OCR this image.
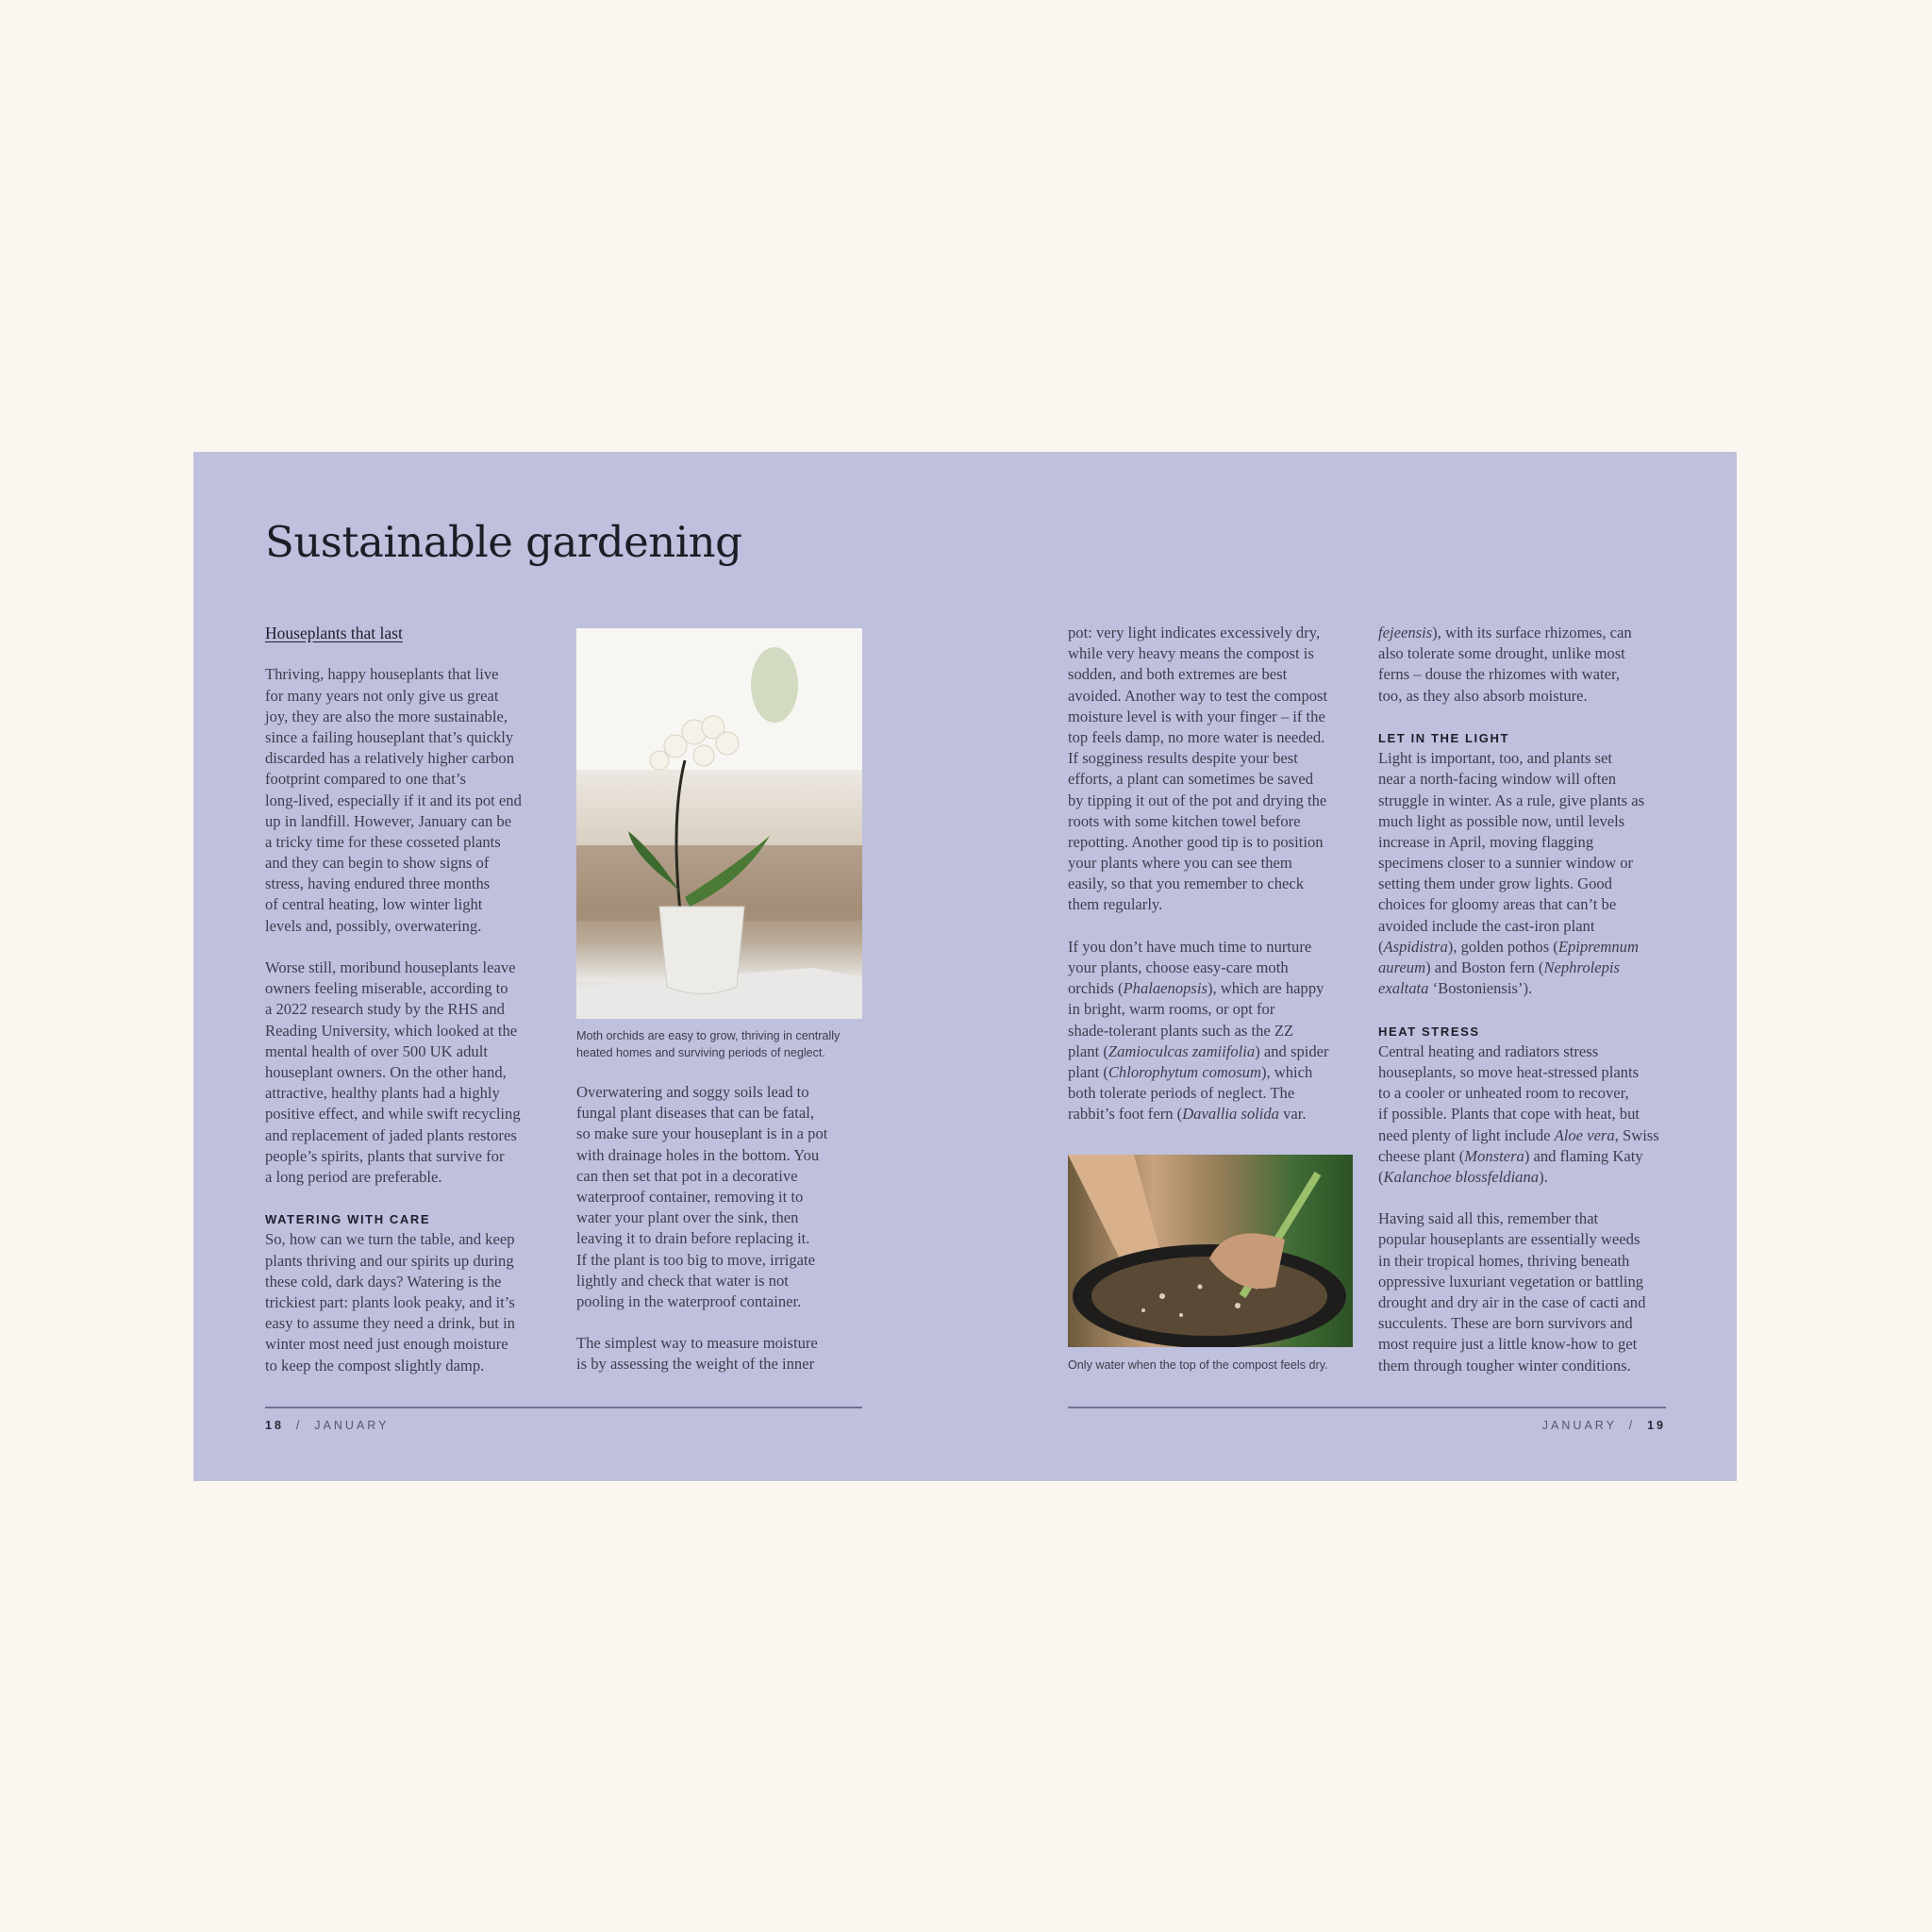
Sustainable gardening
Houseplants that last
Thriving, happy houseplants that live
for many years not only give us great
joy, they are also the more sustainable,
since a failing houseplant that’s quickly
discarded has a relatively higher carbon
footprint compared to one that’s
long-lived, especially if it and its pot end
up in landfill. However, January can be
a tricky time for these cosseted plants
and they can begin to show signs of
stress, having endured three months
of central heating, low winter light
levels and, possibly, overwatering.
Worse still, moribund houseplants leave
owners feeling miserable, according to
a 2022 research study by the RHS and
Reading University, which looked at the
mental health of over 500 UK adult
houseplant owners. On the other hand,
attractive, healthy plants had a highly
positive effect, and while swift recycling
and replacement of jaded plants restores
people’s spirits, plants that survive for
a long period are preferable.
WATERING WITH CARE
So, how can we turn the table, and keep
plants thriving and our spirits up during
these cold, dark days? Watering is the
trickiest part: plants look peaky, and it’s
easy to assume they need a drink, but in
winter most need just enough moisture
to keep the compost slightly damp.
Overwatering and soggy soils lead to
fungal plant diseases that can be fatal,
so make sure your houseplant is in a pot
with drainage holes in the bottom. You
can then set that pot in a decorative
waterproof container, removing it to
water your plant over the sink, then
leaving it to drain before replacing it.
If the plant is too big to move, irrigate
lightly and check that water is not
pooling in the waterproof container.
The simplest way to measure moisture
is by assessing the weight of the inner
pot: very light indicates excessively dry,
while very heavy means the compost is
sodden, and both extremes are best
avoided. Another way to test the compost
moisture level is with your finger – if the
top feels damp, no more water is needed.
If sogginess results despite your best
efforts, a plant can sometimes be saved
by tipping it out of the pot and drying the
roots with some kitchen towel before
repotting. Another good tip is to position
your plants where you can see them
easily, so that you remember to check
them regularly.
If you don’t have much time to nurture
your plants, choose easy-care moth
orchids (Phalaenopsis), which are happy
in bright, warm rooms, or opt for
shade-tolerant plants such as the ZZ
plant (Zamioculcas zamiifolia) and spider
plant (Chlorophytum comosum), which
both tolerate periods of neglect. The
rabbit’s foot fern (Davallia solida var.
fejeensis), with its surface rhizomes, can
also tolerate some drought, unlike most
ferns – douse the rhizomes with water,
too, as they also absorb moisture.
LET IN THE LIGHT
Light is important, too, and plants set
near a north-facing window will often
struggle in winter. As a rule, give plants as
much light as possible now, until levels
increase in April, moving flagging
specimens closer to a sunnier window or
setting them under grow lights. Good
choices for gloomy areas that can’t be
avoided include the cast-iron plant
(Aspidistra), golden pothos (Epipremnum
aureum) and Boston fern (Nephrolepis
exaltata ‘Bostoniensis’).
HEAT STRESS
Central heating and radiators stress
houseplants, so move heat-stressed plants
to a cooler or unheated room to recover,
if possible. Plants that cope with heat, but
need plenty of light include Aloe vera, Swiss
cheese plant (Monstera) and flaming Katy
(Kalanchoe blossfeldiana).
Having said all this, remember that
popular houseplants are essentially weeds
in their tropical homes, thriving beneath
oppressive luxuriant vegetation or battling
drought and dry air in the case of cacti and
succulents. These are born survivors and
most require just a little know-how to get
them through tougher winter conditions.
Moth orchids are easy to grow, thriving in centrally
heated homes and surviving periods of neglect.
Only water when the top of the compost feels dry.
18 / JANUARY	JANUARY / 19
